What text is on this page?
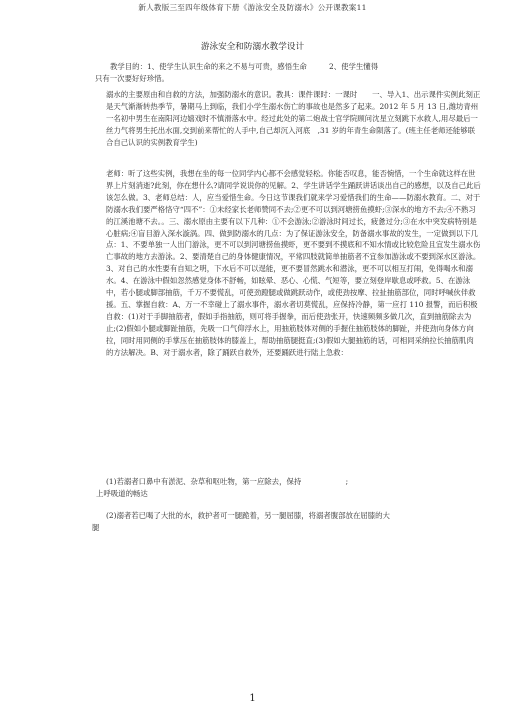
新人教版三至四年级体育下册《游泳安全及防溺水》公开课教案11
游泳安全和防溺水教学设计
教学目的：1、使学生认识生命的来之不易与可贵，感悟生命　　　2、使学生懂得
只有一次要好好珍惜。
溺水的主要原由和自救的方法，加强防溺水的意识。教具：课件课时：一课时　　一、导入1、出示课件实例此刻正是天气渐渐转热季节，暑期马上到临，我们小学生溺水伤亡的事故也是然多了起来。2012 年 5 月 13 日,潍坊青州一名初中男生在南阳河边嬉戏时不慎滑落水中。经过此处的第二炮战士官学院顾问沈星立刻跳下水救人,用尽最后一丝力气将男生托出水面,交到前来帮忙的人手中,自己却沉入河底　,31 岁的年青生命陨落了。(班主任老师还能够联合自己认识的实例教育学生)
老师：听了这些实例，我想在坐的每一位同学内心都不会感觉轻松。你能否叹息，能否惋惜，一个生命就这样在世界上片刻消逝?此刻，你在想什么?请同学说说你的见解。2、学生讲话学生踊跃讲话谈出自己的感想，以及自己此后该怎么做。3、老师总结：人，应当爱惜生命。今日这节课我们就来学习爱惜我们的生命——防溺水教育。二、对于防溺水我们要严格恪守“四不”：①未经家长老师赞同不去;②更不可以到河塘捞鱼摸虾;③深水的地方不去;④不熟习的江溪池塘不去。。三、溺水原由主要有以下几种：①不会游泳;②游泳时间过长，疲惫过分;③在水中突发病特别是心脏病;④盲目游入深水漩涡。四、做到防溺水的几点：为了保证游泳安全，防备溺水事故的发生，一定做到以下几点：1、不要单独一人出门游泳，更不可以到河塘捞鱼摸虾，更不要到不摸底和不知水情或比较危险且宜发生溺水伤亡事故的地方去游泳。2、要清楚自己的身体健康情况，平常四肢就简单抽筋者不宜参加游泳或不要到深水区游泳。3、对自己的水性要有自知之明，下水后不可以逞能，更不要冒然跳水和潜泳，更不可以相互打闹，免得喝水和溺水。4、在游泳中假如忽然感觉身体不舒畅，如眩晕、恶心、心慌、气短等，要立刻登岸歇息或呼救。5、在游泳中，若小腿或脚部抽筋，千万不要慌乱，可使劲蹬腿或做跳跃动作，或使劲按摩、拉扯抽筋部位，同时呼喊伙伴救援。五、掌握自救：A、万一不幸碰上了溺水事件，溺水者切莫慌乱，应保持冷静，第一应打 110 报警，而后积极自救：(1)对于手脚抽筋者，假如手指抽筋，则可将手握拳，而后使劲张开，快速频频多做几次，直到抽筋除去为止;(2)假如小腿或脚趾抽筋，先吸一口气仰浮水上，用抽筋肢体对侧的手握住抽筋肢体的脚趾，并使劲向身体方向拉，同时用同侧的手掌压在抽筋肢体的膝盖上，帮助抽筋腿挺直;(3)假如大腿抽筋的话，可相同采纳拉长抽筋肌肉的方法解决。B、对于溺水者，除了踊跃自救外，还要踊跃进行陆上急救：
(1)若溺者口鼻中有淤泥、杂草和呕吐物，第一应除去，保持　　　　　　;
上呼吸道的畅达
(2)溺者若已喝了大批的水，救护者可一腿跪着，另一腿屈膝，将溺者腹部放在屈膝的大
腿
1
